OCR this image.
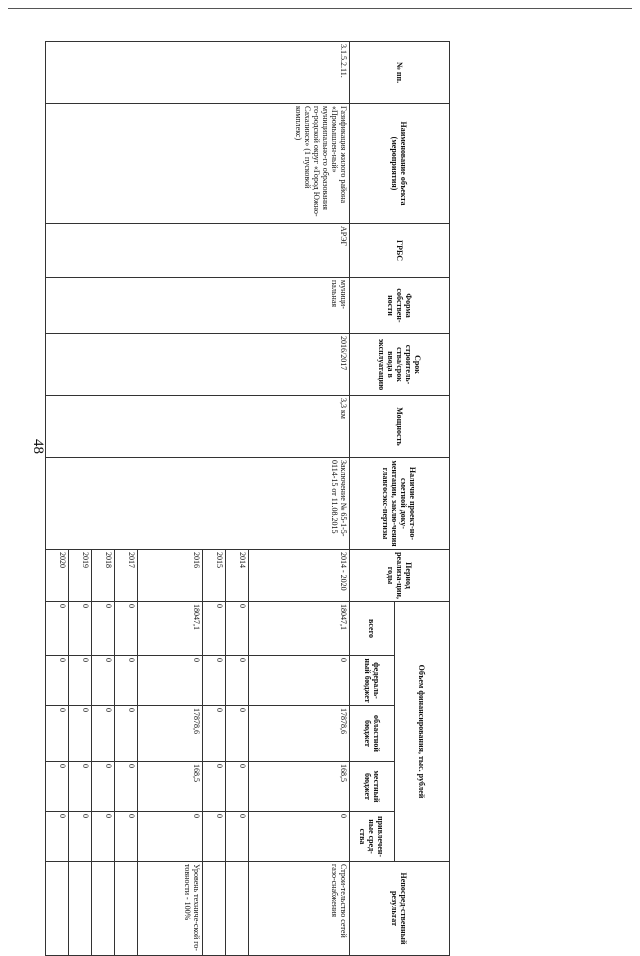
48
№ пп.	Наименование объекта (мероприятия)	ГРБС	Форма собствен-ности	Срок строитель-ства/срок ввода в эксплуатацию	Мощность	Наличие проект-но-сметной доку-ментации, заклю-чения главгосэкс-пертизы	Период реализа-ции, годы	Объем финансирования, тыс. рублей					Непосред-ственный результат
								всего	федераль-ный бюджет	областной бюджет	местный бюджет	привлечен-ные сред-ства	
3.1.5.2.11.	Газификация жилого района «Промышлен-ный» муниципально-го образования го-родской округ «Город Южно-Сахалинск» (1 пусковой комплекс)	АРЭГ	муници-пальная	2016/2017	3,3 км	Заключение № 65-1-5-0114-15 от 11.08.2015	2014 - 2020	18047,1	0	17878,6	168,5	0	Строи-тельство сетей газо-снабжения
							2014	0	0	0	0	0	
							2015	0	0	0	0	0	
							2016	18047,1	0	17878,6	168,5	0	Уровень техниче-ской го-товности - 100%
							2017	0	0	0	0	0	
							2018	0	0	0	0	0	
							2019	0	0	0	0	0	
							2020	0	0	0	0	0	
